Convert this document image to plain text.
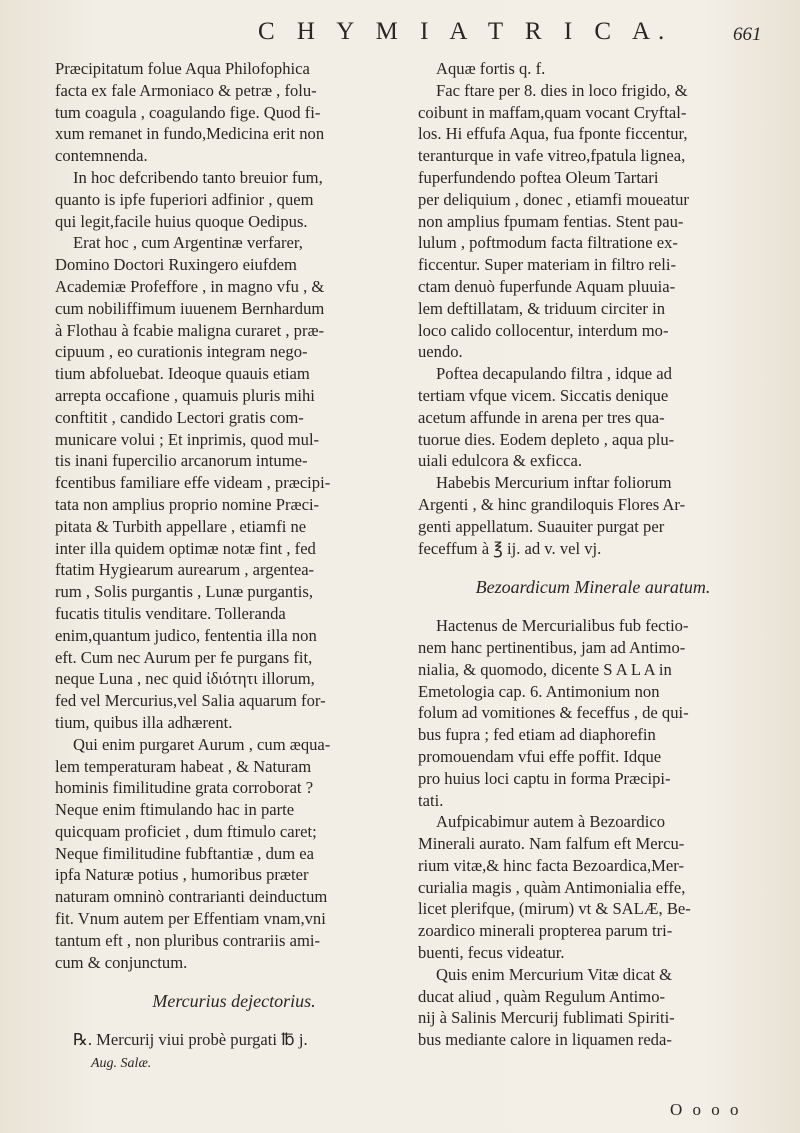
C H Y M I A T R I C A.	661
Præcipitatum folue Aqua Philofophica
facta ex fale Armoniaco & petræ , folu-
tum coagula , coagulando fige. Quod fi-
xum remanet in fundo,Medicina erit non
contemnenda.
In hoc defcribendo tanto breuior fum,
quanto is ipfe fuperiori adfinior , quem
qui legit,facile huius quoque Oedipus.
Erat hoc , cum Argentinæ verfarer,
Domino Doctori Ruxingero eiufdem
Academiæ Profeffore , in magno vfu , &
cum nobiliffimum iuuenem Bernhardum
à Flothau à fcabie maligna curaret , præ-
cipuum , eo curationis integram nego-
tium abfoluebat. Ideoque quauis etiam
arrepta occafione , quamuis pluris mihi
conftitit , candido Lectori gratis com-
municare volui ; Et inprimis, quod mul-
tis inani fupercilio arcanorum intume-
fcentibus familiare effe videam , præcipi-
tata non amplius proprio nomine Præci-
pitata & Turbith appellare , etiamfi ne
inter illa quidem optimæ notæ fint , fed
ftatim Hygiearum aurearum , argentea-
rum , Solis purgantis , Lunæ purgantis,
fucatis titulis venditare. Tolleranda
enim,quantum judico, fententia illa non
eft. Cum nec Aurum per fe purgans fit,
neque Luna , nec quid ἰδιότητι illorum,
fed vel Mercurius,vel Salia aquarum for-
tium, quibus illa adhærent.
Qui enim purgaret Aurum , cum æqua-
lem temperaturam habeat , & Naturam
hominis fimilitudine grata corroborat ?
Neque enim ftimulando hac in parte
quicquam proficiet , dum ftimulo caret;
Neque fimilitudine fubftantiæ , dum ea
ipfa Naturæ potius , humoribus præter
naturam omninò contrarianti deinductum
fit. Vnum autem per Effentiam vnam,vni
tantum eft , non pluribus contrariis ami-
cum & conjunctum.
Mercurius dejectorius.
℞. Mercurij viui probè purgati ℔ j.
Aug. Salæ.
Aquæ fortis q. f.
Fac ftare per 8. dies in loco frigido, &
coibunt in maffam,quam vocant Cryftal-
los. Hi effufa Aqua, fua fponte ficcentur,
teranturque in vafe vitreo,fpatula lignea,
fuperfundendo poftea Oleum Tartari
per deliquium , donec , etiamfi moueatur
non amplius fpumam fentias. Stent pau-
lulum , poftmodum facta filtratione ex-
ficcentur. Super materiam in filtro reli-
ctam denuò fuperfunde Aquam pluuia-
lem deftillatam, & triduum circiter in
loco calido collocentur, interdum mo-
uendo.
Poftea decapulando filtra , idque ad
tertiam vfque vicem. Siccatis denique
acetum affunde in arena per tres qua-
tuorue dies. Eodem depleto , aqua plu-
uiali edulcora & exficca.
Habebis Mercurium inftar foliorum
Argenti , & hinc grandiloquis Flores Ar-
genti appellatum. Suauiter purgat per
feceffum à ℥ ij. ad v. vel vj.
Bezoardicum Minerale auratum.
Hactenus de Mercurialibus fub fectio-
nem hanc pertinentibus, jam ad Antimo-
nialia, & quomodo, dicente S A L A in
Emetologia cap. 6. Antimonium non
folum ad vomitiones & feceffus , de qui-
bus fupra ; fed etiam ad diaphorefin
promouendam vfui effe poffit. Idque
pro huius loci captu in forma Præcipi-
tati.
Aufpicabimur autem à Bezoardico
Minerali aurato. Nam falfum eft Mercu-
rium vitæ,& hinc facta Bezoardica,Mer-
curialia magis , quàm Antimonialia effe,
licet plerifque, (mirum) vt & SALÆ, Be-
zoardico minerali propterea parum tri-
buenti, fecus videatur.
Quis enim Mercurium Vitæ dicat &
ducat aliud , quàm Regulum Antimo-
nij à Salinis Mercurij fublimati Spiriti-
bus mediante calore in liquamen reda-
O o o o
